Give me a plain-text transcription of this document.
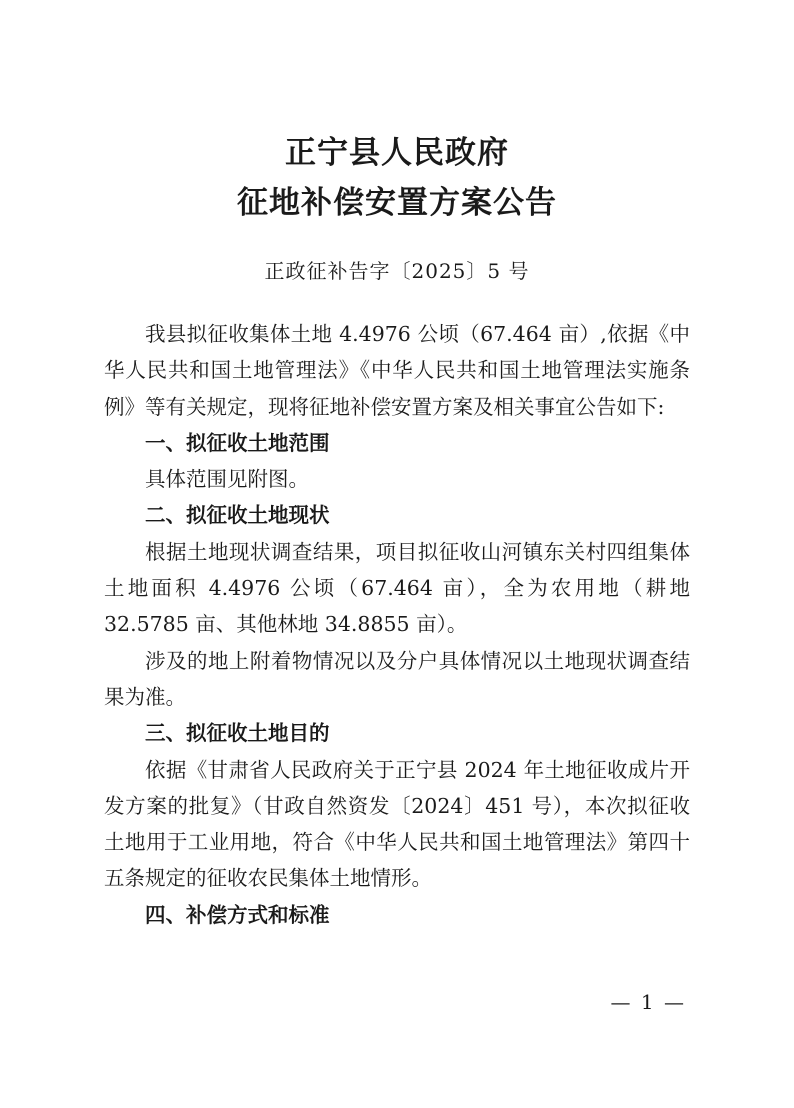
正宁县人民政府
征地补偿安置方案公告
正政征补告字〔2025〕5 号

我县拟征收集体土地 4.4976 公顷（67.464 亩）,依据《中华人民共和国土地管理法》《中华人民共和国土地管理法实施条例》等有关规定，现将征地补偿安置方案及相关事宜公告如下:

一、拟征收土地范围

具体范围见附图。

二、拟征收土地现状

根据土地现状调查结果，项目拟征收山河镇东关村四组集体土地面积 4.4976 公顷（67.464 亩），全为农用地（耕地 32.5785 亩、其他林地 34.8855 亩）。

涉及的地上附着物情况以及分户具体情况以土地现状调查结果为准。

三、拟征收土地目的

依据《甘肃省人民政府关于正宁县 2024 年土地征收成片开发方案的批复》（甘政自然资发〔2024〕451 号），本次拟征收土地用于工业用地，符合《中华人民共和国土地管理法》第四十五条规定的征收农民集体土地情形。

四、补偿方式和标准

— 1 —
